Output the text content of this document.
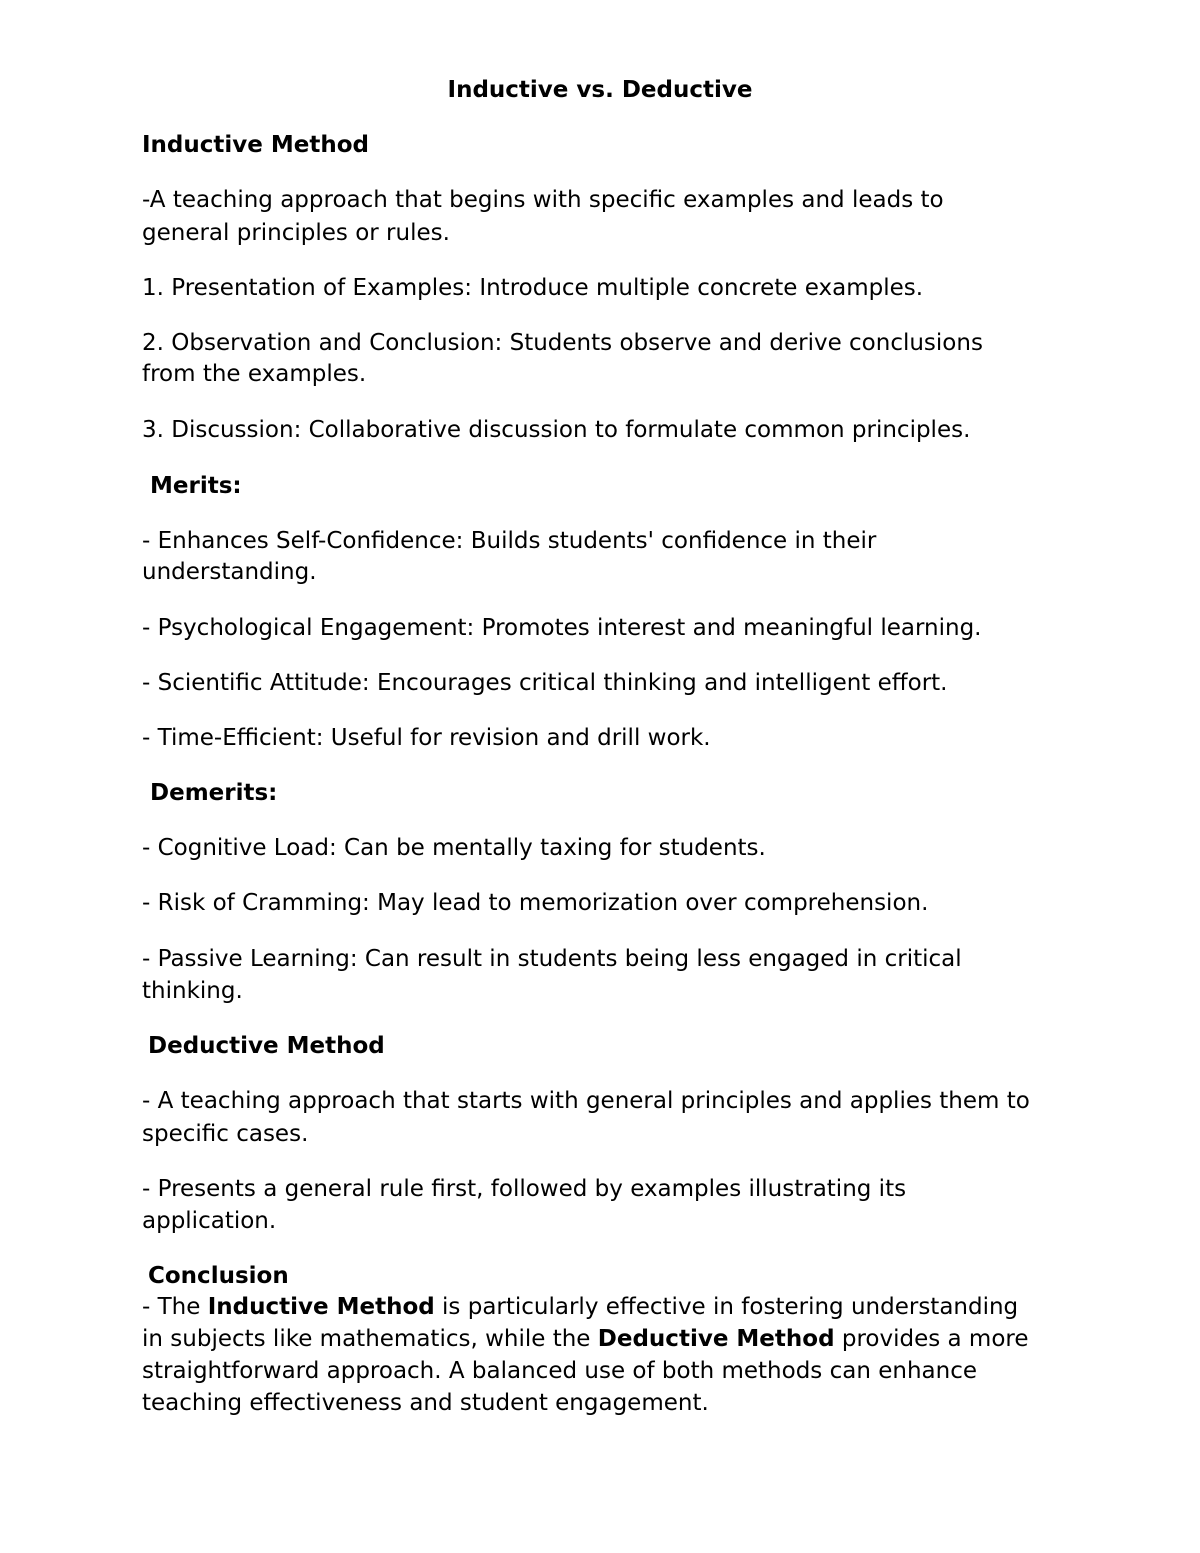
Inductive vs. Deductive
Inductive Method
-A teaching approach that begins with specific examples and leads to
general principles or rules.
1. Presentation of Examples: Introduce multiple concrete examples.
2. Observation and Conclusion: Students observe and derive conclusions
from the examples.
3. Discussion: Collaborative discussion to formulate common principles.
Merits:
- Enhances Self-Confidence: Builds students' confidence in their
understanding.
- Psychological Engagement: Promotes interest and meaningful learning.
- Scientific Attitude: Encourages critical thinking and intelligent effort.
- Time-Efficient: Useful for revision and drill work.
Demerits:
- Cognitive Load: Can be mentally taxing for students.
- Risk of Cramming: May lead to memorization over comprehension.
- Passive Learning: Can result in students being less engaged in critical
thinking.
Deductive Method
- A teaching approach that starts with general principles and applies them to
specific cases.
- Presents a general rule first, followed by examples illustrating its
application.
Conclusion
- The Inductive Method is particularly effective in fostering understanding
in subjects like mathematics, while the Deductive Method provides a more
straightforward approach. A balanced use of both methods can enhance
teaching effectiveness and student engagement.
